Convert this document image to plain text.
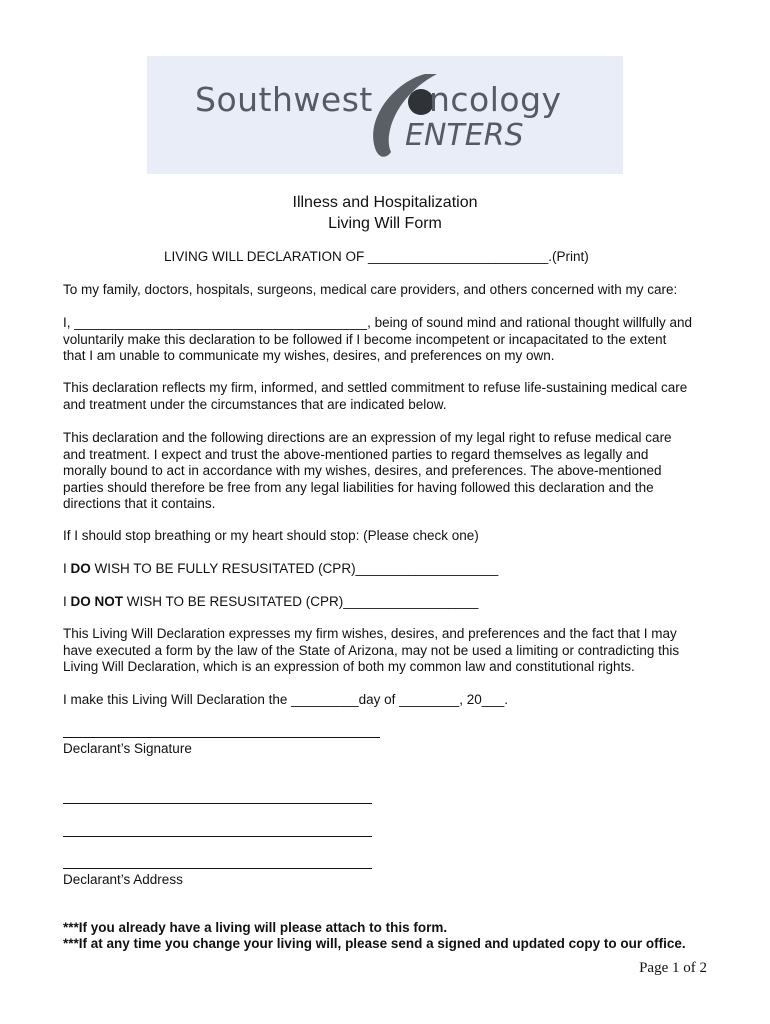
Southwest ncology
ENTERS
Illness and Hospitalization
Living Will Form
LIVING WILL DECLARATION OF ________________________.(Print)
To my family, doctors, hospitals, surgeons, medical care providers, and others concerned with my care:
I, _______________________________________, being of sound mind and rational thought willfully and
voluntarily make this declaration to be followed if I become incompetent or incapacitated to the extent
that I am unable to communicate my wishes, desires, and preferences on my own.
This declaration reflects my firm, informed, and settled commitment to refuse life-sustaining medical care
and treatment under the circumstances that are indicated below.
This declaration and the following directions are an expression of my legal right to refuse medical care
and treatment. I expect and trust the above-mentioned parties to regard themselves as legally and
morally bound to act in accordance with my wishes, desires, and preferences. The above-mentioned
parties should therefore be free from any legal liabilities for having followed this declaration and the
directions that it contains.
If I should stop breathing or my heart should stop: (Please check one)
I DO WISH TO BE FULLY RESUSITATED (CPR)___________________
I DO NOT WISH TO BE RESUSITATED (CPR)__________________
This Living Will Declaration expresses my firm wishes, desires, and preferences and the fact that I may
have executed a form by the law of the State of Arizona, may not be used a limiting or contradicting this
Living Will Declaration, which is an expression of both my common law and constitutional rights.
I make this Living Will Declaration the _________day of ________, 20___.
Declarant’s Signature
Declarant’s Address
***If you already have a living will please attach to this form.
***If at any time you change your living will, please send a signed and updated copy to our office.
Page 1 of 2
